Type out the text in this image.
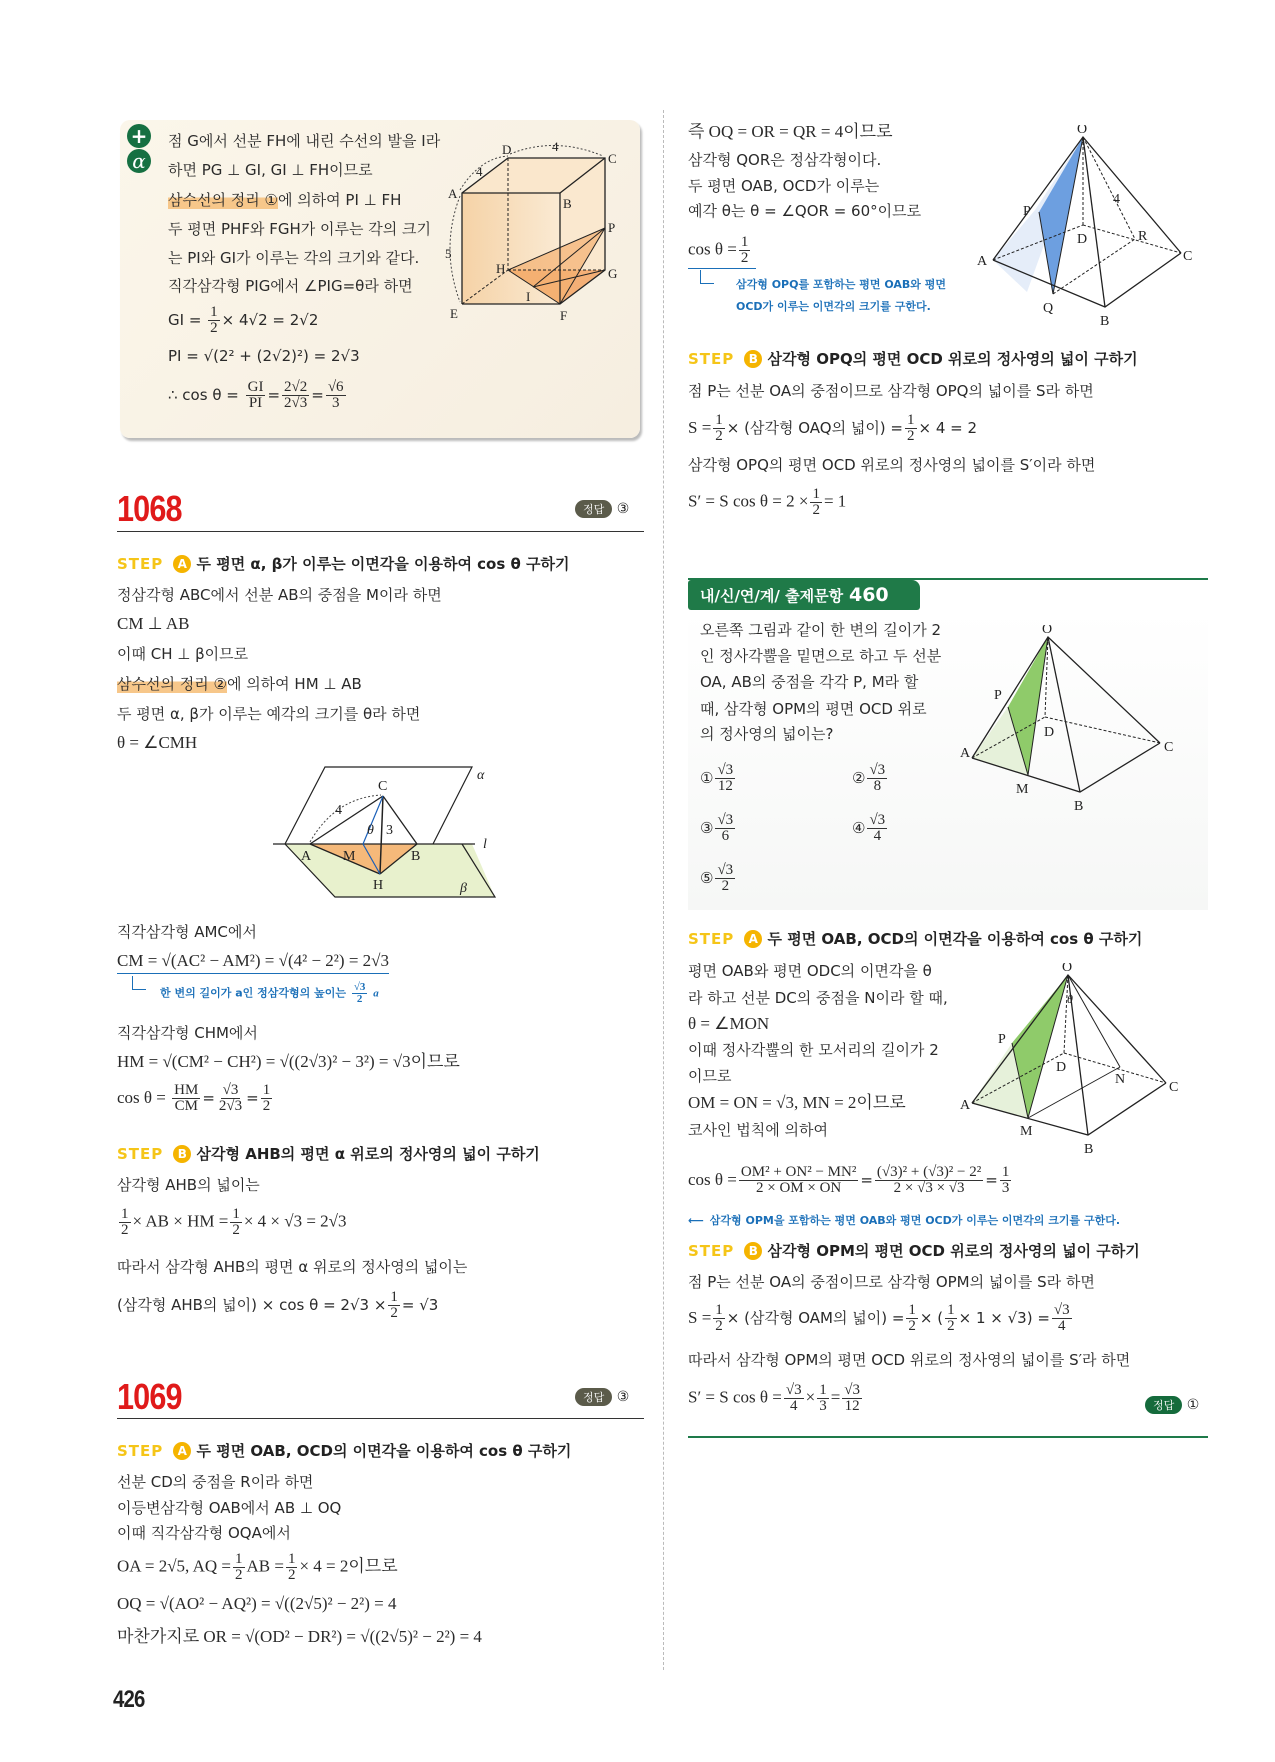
+
α
점 G에서 선분 FH에 내린 수선의 발을 I라
하면 PG ⊥ GI, GI ⊥ FH이므로
삼수선의 정리 ①에 의하여 PI ⊥ FH
두 평면 PHF와 FGH가 이루는 각의 크기
는 PI와 GI가 이루는 각의 크기와 같다.
직각삼각형 PIG에서 ∠PIG=θ라 하면
GI = $\frac{1}{2} \times 4√2 = 2√2$
PI = √(2² + (2√2)²) = 2√3
∴ $\cos \theta = \frac{GI}{PI} = \frac{2√2}{2√3} = \frac{√6}{3}$
A
B
C
D
E	F
G
H
I
P
4
4
5
1068	정답 ③
STEP A 두 평면 α, β가 이루는 이면각을 이용하여 cos θ 구하기
정삼각형 ABC에서 선분 AB의 중점을 M이라 하면
CM ⊥ AB
이때 CH ⊥ β이므로
삼수선의 정리 ②에 의하여 HM ⊥ AB
두 평면 α, β가 이루는 예각의 크기를 θ라 하면
θ = ∠CMH
C
A M	B
H
α
β
l
θ
4
3
직각삼각형 AMC에서
CM = √(AC² − AM²) = √(4² − 2²) = 2√3
한 변의 길이가 a인 정삼각형의 높이는 $\frac{√3}{2}$ a
직각삼각형 CHM에서
HM = √(CM² − CH²) = √((2√3)² − 3²) = √3이므로
$\cos \theta = \frac{HM}{CM} = \frac{√3}{2√3} = \frac{1}{2}$
STEP B 삼각형 AHB의 평면 α 위로의 정사영의 넓이 구하기
삼각형 AHB의 넓이는
$\frac{1}{2}$ × AB × HM = $\frac{1}{2} \times 4 \times √3 = 2√3$
따라서 삼각형 AHB의 평면 α 위로의 정사영의 넓이는
(삼각형 AHB의 넓이) × $\cos \theta = 2√3 \times \frac{1}{2} = √3$
1069	정답 ③
STEP A 두 평면 OAB, OCD의 이면각을 이용하여 cos θ 구하기
선분 CD의 중점을 R이라 하면
이등변삼각형 OAB에서 AB ⊥ OQ
이때 직각삼각형 OQA에서
OA = 2√5, AQ = $\frac{1}{2}$ AB = $\frac{1}{2} \times 4 = 2$이므로
OQ = √(AO² − AQ²) = √((2√5)² − 2²) = 4
마찬가지로 OR = √(OD² − DR²) = √((2√5)² − 2²) = 4
426
즉 OQ = OR = QR = 4이므로
삼각형 QOR은 정삼각형이다.
두 평면 OAB, OCD가 이루는
예각 θ는 θ = ∠QOR = 60°이므로
$\cos \theta = \frac{1}{2}$
삼각형 OPQ를 포함하는 평면 OAB와 평면
OCD가 이루는 이면각의 크기를 구한다.
O
P
D	R
C
A
Q
B
4
STEP B 삼각형 OPQ의 평면 OCD 위로의 정사영의 넓이 구하기
점 P는 선분 OA의 중점이므로 삼각형 OPQ의 넓이를 S라 하면
$S = \frac{1}{2}$ × (삼각형 OAQ의 넓이) = $\frac{1}{2} \times 4 = 2$
삼각형 OPQ의 평면 OCD 위로의 정사영의 넓이를 S′이라 하면
S′ = S $\cos \theta = 2 \times \frac{1}{2} = 1$
내/신/연/계/ 출제문항 460
오른쪽 그림과 같이 한 변의 길이가 2
인 정사각뿔을 밑면으로 하고 두 선분
OA, AB의 중점을 각각 P, M라 할
때, 삼각형 OPM의 평면 OCD 위로
의 정사영의 넓이는?
① $\frac{√3}{12}$	② $\frac{√3}{8}$
③ $\frac{√3}{6}$	④ $\frac{√3}{4}$
⑤ $\frac{√3}{2}$
O
P
D
C
A
M
B
STEP A 두 평면 OAB, OCD의 이면각을 이용하여 cos θ 구하기
평면 OAB와 평면 ODC의 이면각을 θ
라 하고 선분 DC의 중점을 N이라 할 때,
θ = ∠MON
이때 정사각뿔의 한 모서리의 길이가 2
이므로
OM = ON = √3, MN = 2이므로
코사인 법칙에 의하여
O
θ
P
D
N
C
A
M
B
$\cos \theta = \frac{\text{OM² + ON² − MN²}}{2 \times OM \times ON} = \frac{\text{(√3)² + (√3)² − 2²}}{2 \times √3 \times √3} = \frac{1}{3}$
⟵ 삼각형 OPM을 포함하는 평면 OAB와 평면 OCD가 이루는 이면각의 크기를 구한다.
STEP B 삼각형 OPM의 평면 OCD 위로의 정사영의 넓이 구하기
점 P는 선분 OA의 중점이므로 삼각형 OPM의 넓이를 S라 하면
$S = \frac{1}{2}$ × (삼각형 OAM의 넓이) = $\frac{1}{2}$ × ( $\frac{1}{2} \times 1 \times √3) = \frac{√3}{4}$
따라서 삼각형 OPM의 평면 OCD 위로의 정사영의 넓이를 S′라 하면
S′ = S $\cos \theta = \frac{√3}{4} \times \frac{1}{3} = \frac{√3}{12}$	정답 ①
